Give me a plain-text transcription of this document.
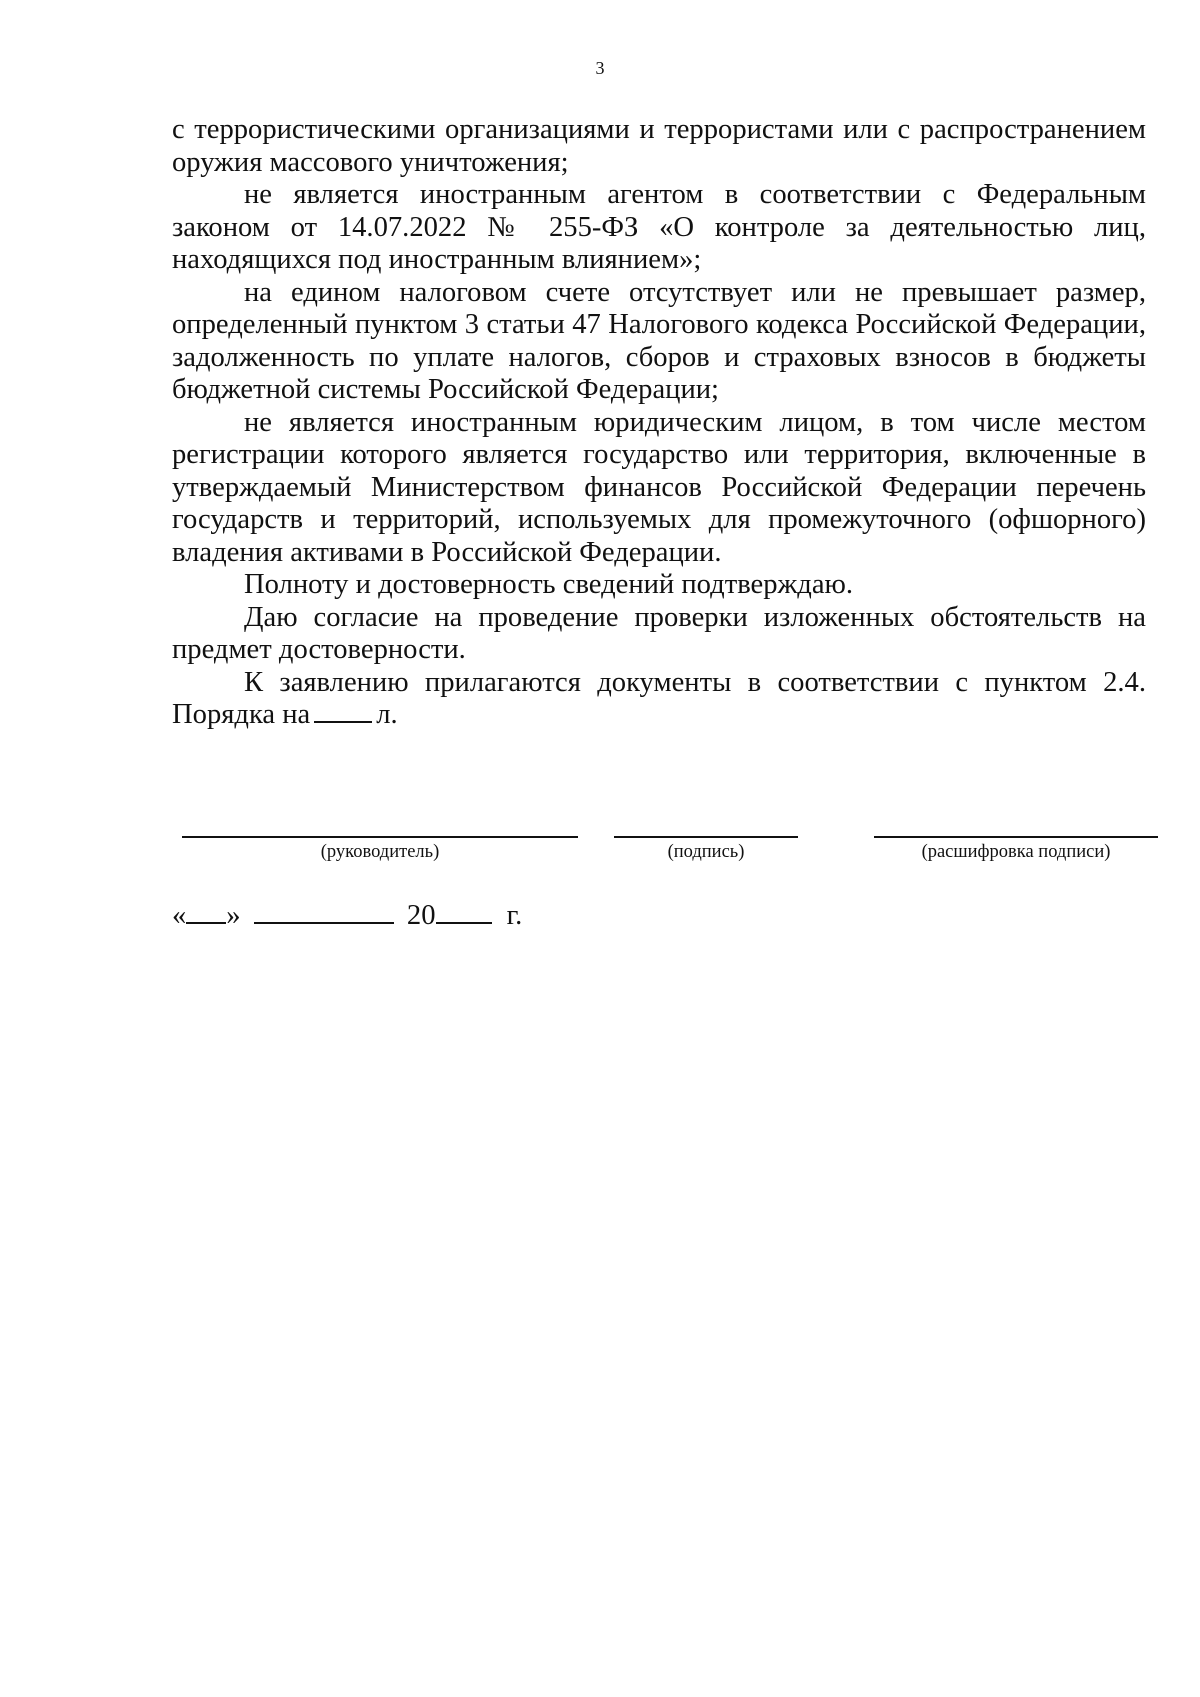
3

с террористическими организациями и террористами или с распространением оружия массового уничтожения;

не является иностранным агентом в соответствии с Федеральным законом от 14.07.2022 № 255-ФЗ «О контроле за деятельностью лиц, находящихся под иностранным влиянием»;

на едином налоговом счете отсутствует или не превышает размер, определенный пунктом 3 статьи 47 Налогового кодекса Российской Федерации, задолженность по уплате налогов, сборов и страховых взносов в бюджеты бюджетной системы Российской Федерации;

не является иностранным юридическим лицом, в том числе местом регистрации которого является государство или территория, включенные в утверждаемый Министерством финансов Российской Федерации перечень государств и территорий, используемых для промежуточного (офшорного) владения активами в Российской Федерации.

Полноту и достоверность сведений подтверждаю.

Даю согласие на проведение проверки изложенных обстоятельств на предмет достоверности.

К заявлению прилагаются документы в соответствии с пунктом 2.4. Порядка на л.

(руководитель)	(подпись)	(расшифровка подписи)
« »	20 г.
